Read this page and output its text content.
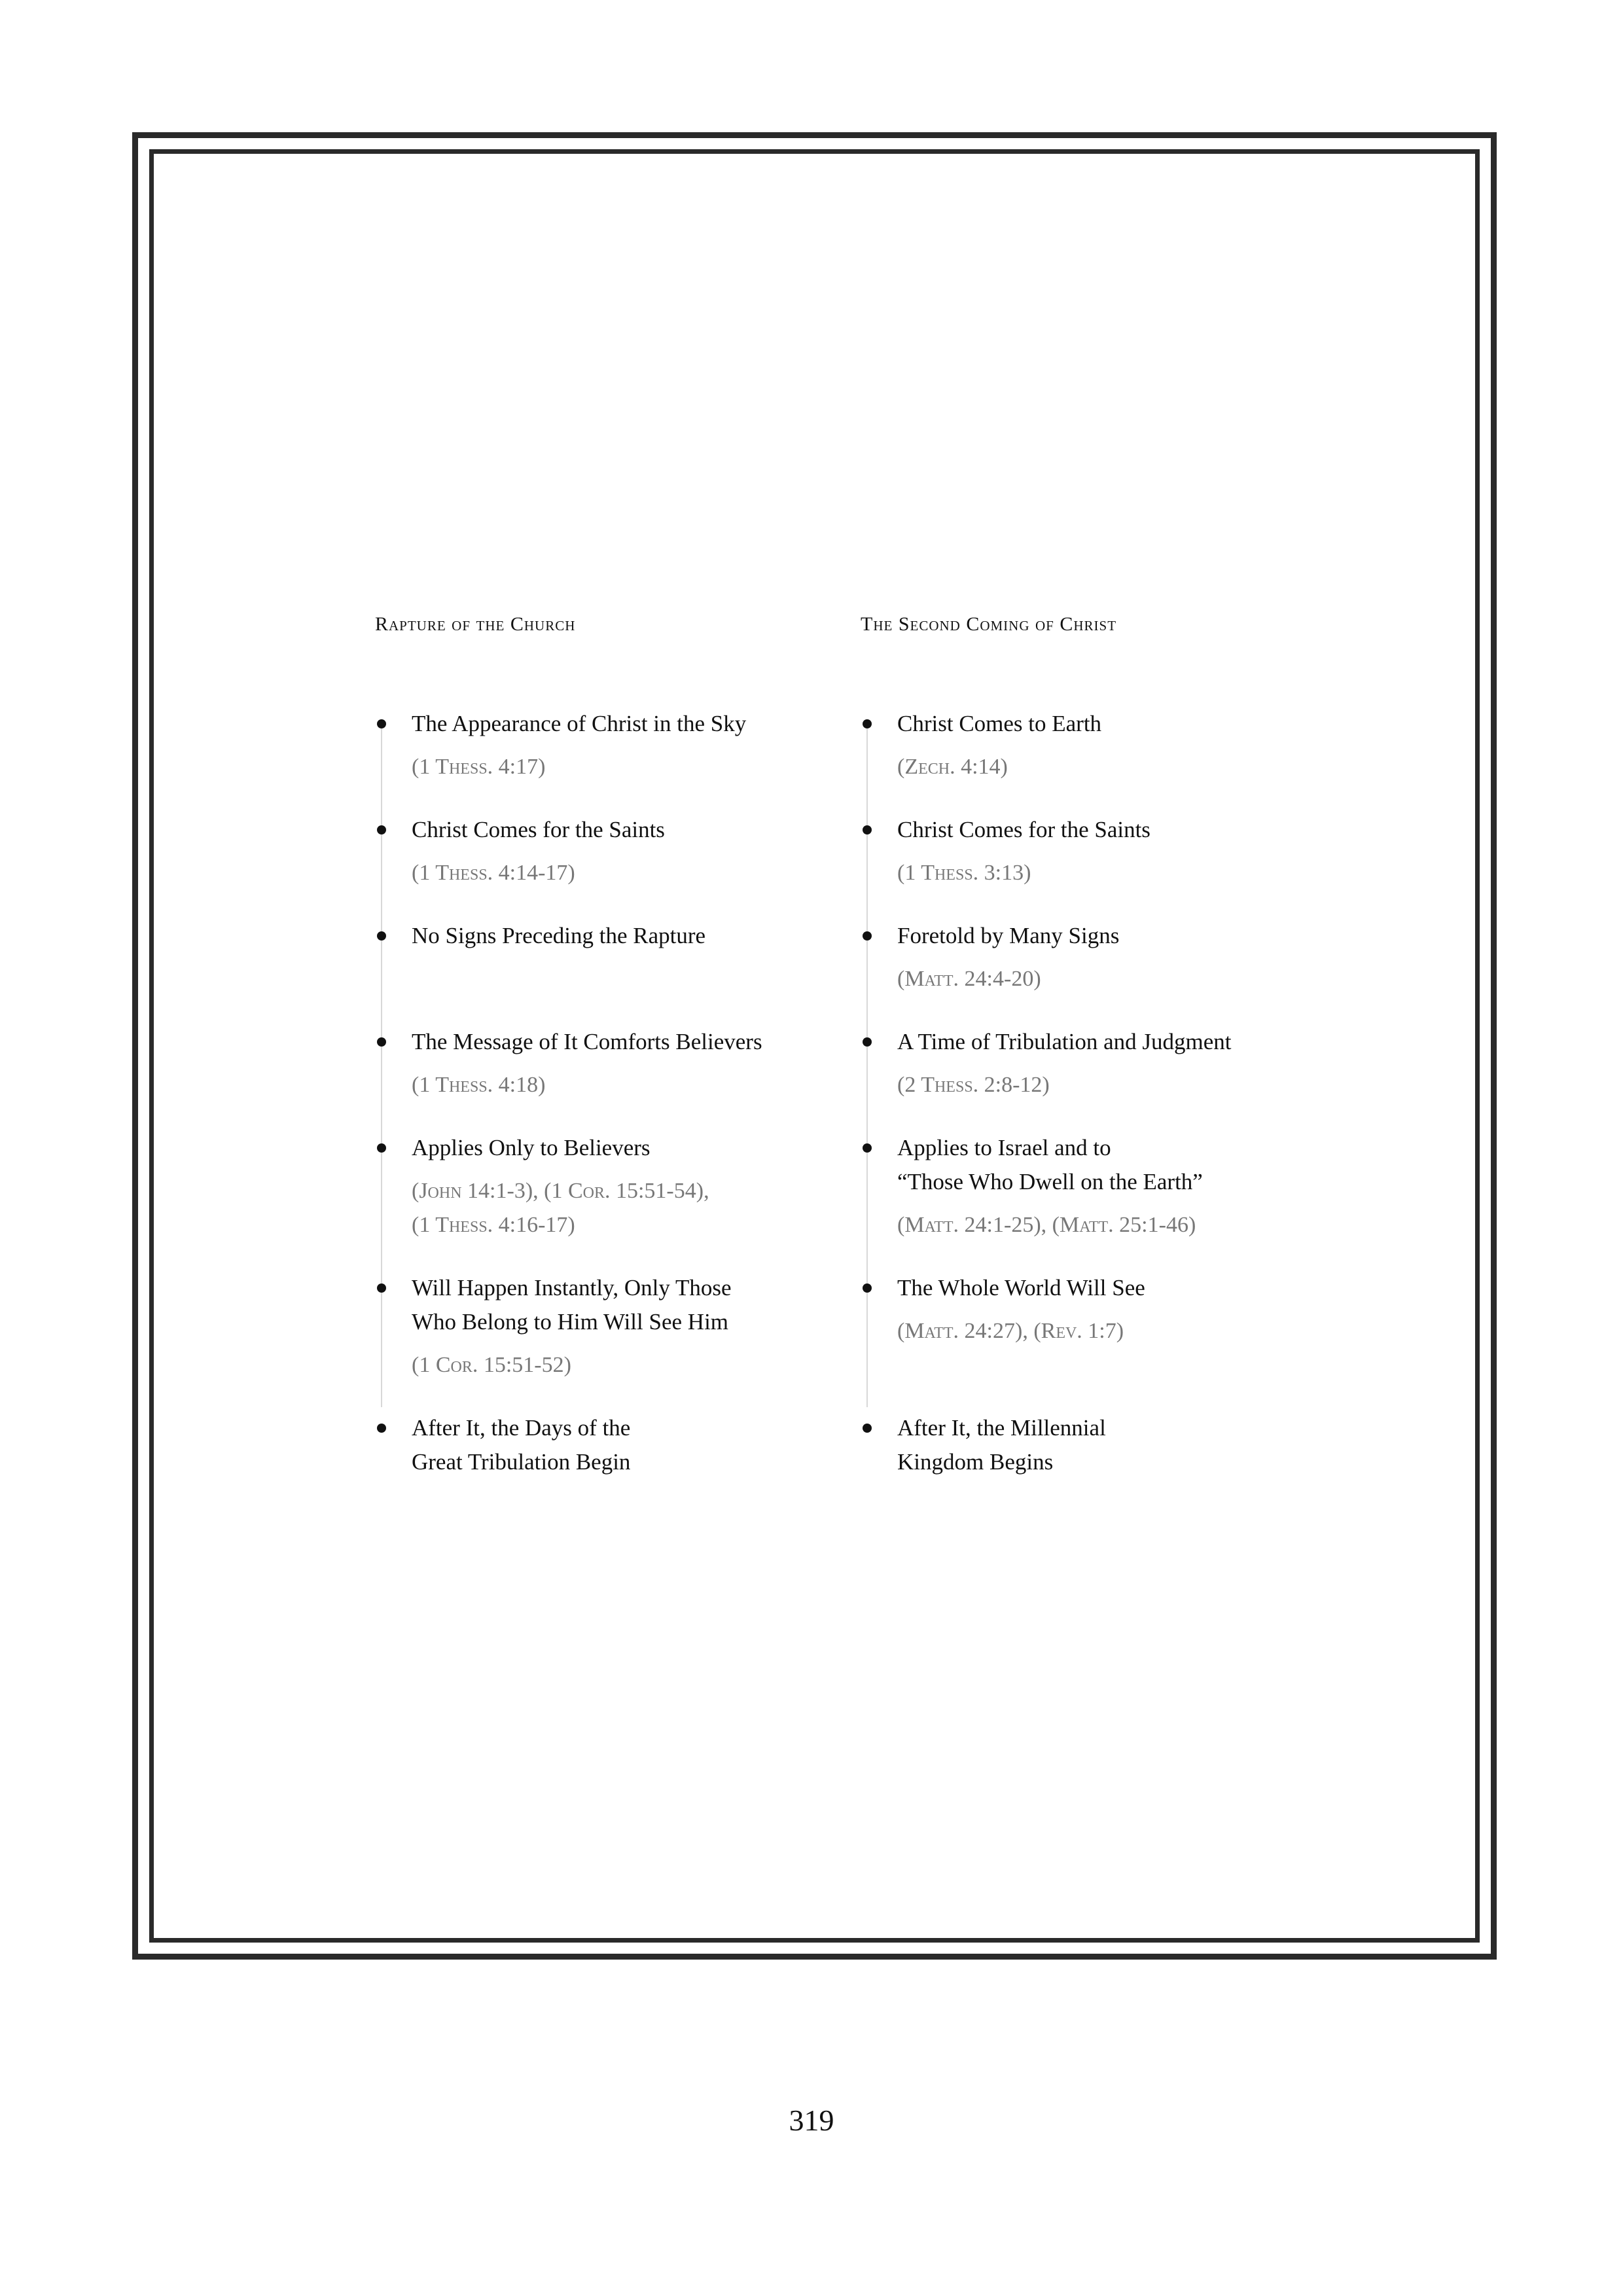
Rapture of the Church	The Second Coming of Christ
The Appearance of Christ in the Sky
(1 Thess. 4:17)
Christ Comes for the Saints
(1 Thess. 4:14-17)
No Signs Preceding the Rapture
The Message of It Comforts Believers
(1 Thess. 4:18)
Applies Only to Believers
(John 14:1-3), (1 Cor. 15:51-54),
(1 Thess. 4:16-17)
Will Happen Instantly, Only Those
Who Belong to Him Will See Him
(1 Cor. 15:51-52)
After It, the Days of the
Great Tribulation Begin
Christ Comes to Earth
(Zech. 4:14)
Christ Comes for the Saints
(1 Thess. 3:13)
Foretold by Many Signs
(Matt. 24:4-20)
A Time of Tribulation and Judgment
(2 Thess. 2:8-12)
Applies to Israel and to
“Those Who Dwell on the Earth”
(Matt. 24:1-25), (Matt. 25:1-46)
The Whole World Will See
(Matt. 24:27), (Rev. 1:7)
After It, the Millennial
Kingdom Begins
319
